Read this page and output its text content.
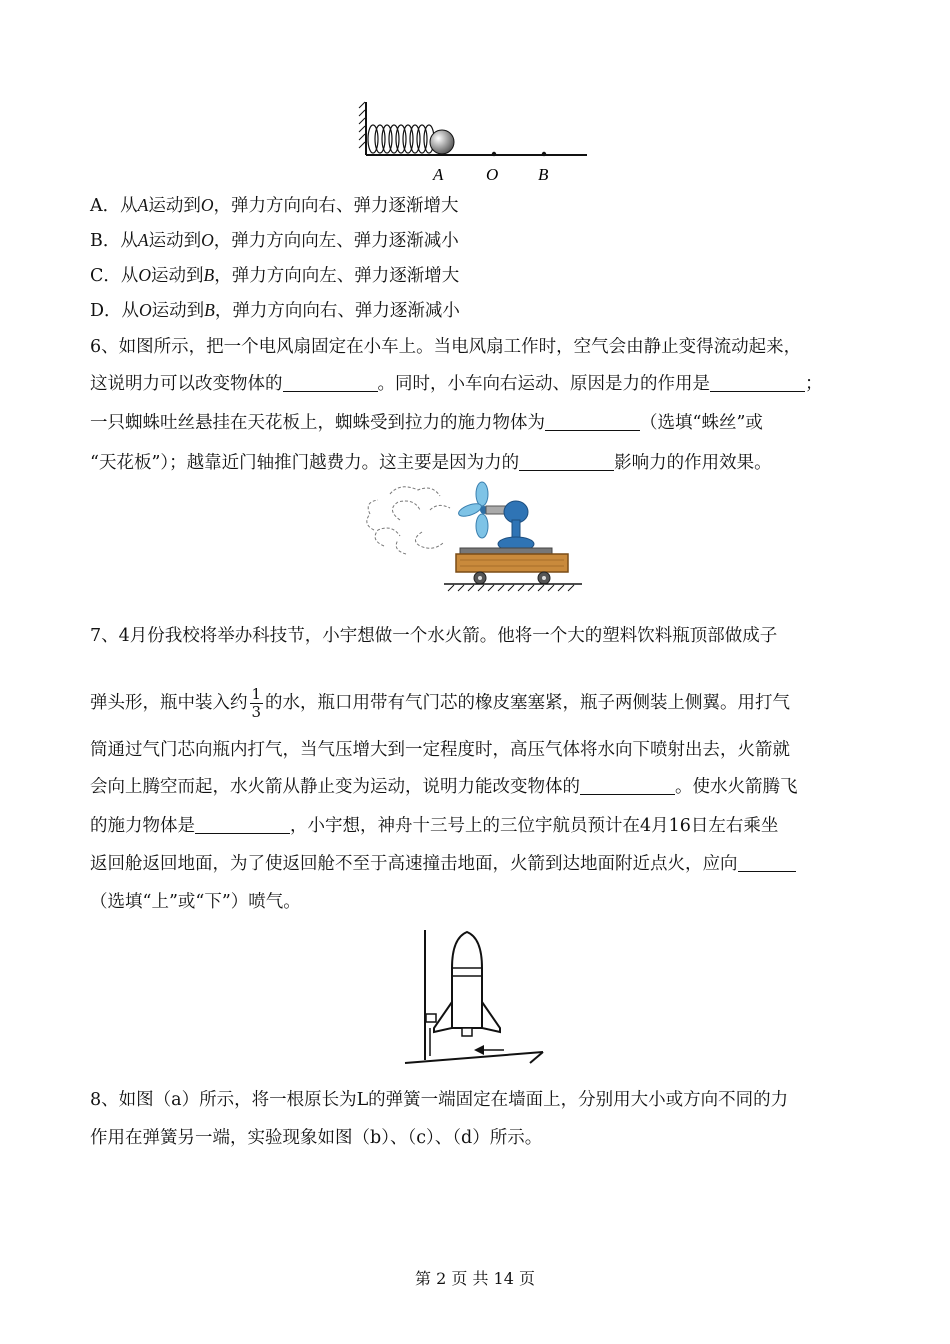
A	O B
A．从A运动到O，弹力方向向右、弹力逐渐增大
B．从A运动到O，弹力方向向左、弹力逐渐减小
C．从O运动到B，弹力方向向左、弹力逐渐增大
D．从O运动到B，弹力方向向右、弹力逐渐减小
6、如图所示，把一个电风扇固定在小车上。当电风扇工作时，空气会由静止变得流动起来，
这说明力可以改变物体的	。同时，小车向右运动、原因是力的作用是	；
一只蜘蛛吐丝悬挂在天花板上，蜘蛛受到拉力的施力物体为	（选填“蛛丝”或
“天花板”）；越靠近门轴推门越费力。这主要是因为力的	影响力的作用效果。
7、4月份我校将举办科技节，小宇想做一个水火箭。他将一个大的塑料饮料瓶顶部做成子
弹头形，瓶中装入约 $\frac{1}{3}$ 的水，瓶口用带有气门芯的橡皮塞塞紧，瓶子两侧装上侧翼。用打气
筒通过气门芯向瓶内打气，当气压增大到一定程度时，高压气体将水向下喷射出去，火箭就
会向上腾空而起，水火箭从静止变为运动，说明力能改变物体的	。使水火箭腾飞
的施力物体是	，小宇想，神舟十三号上的三位宇航员预计在4月16日左右乘坐
返回舱返回地面，为了使返回舱不至于高速撞击地面，火箭到达地面附近点火，应向
（选填“上”或“下”）喷气。
8、如图（a）所示，将一根原长为L的弹簧一端固定在墙面上，分别用大小或方向不同的力
作用在弹簧另一端，实验现象如图（b）、（c）、（d）所示。
第 2 页 共 14 页
